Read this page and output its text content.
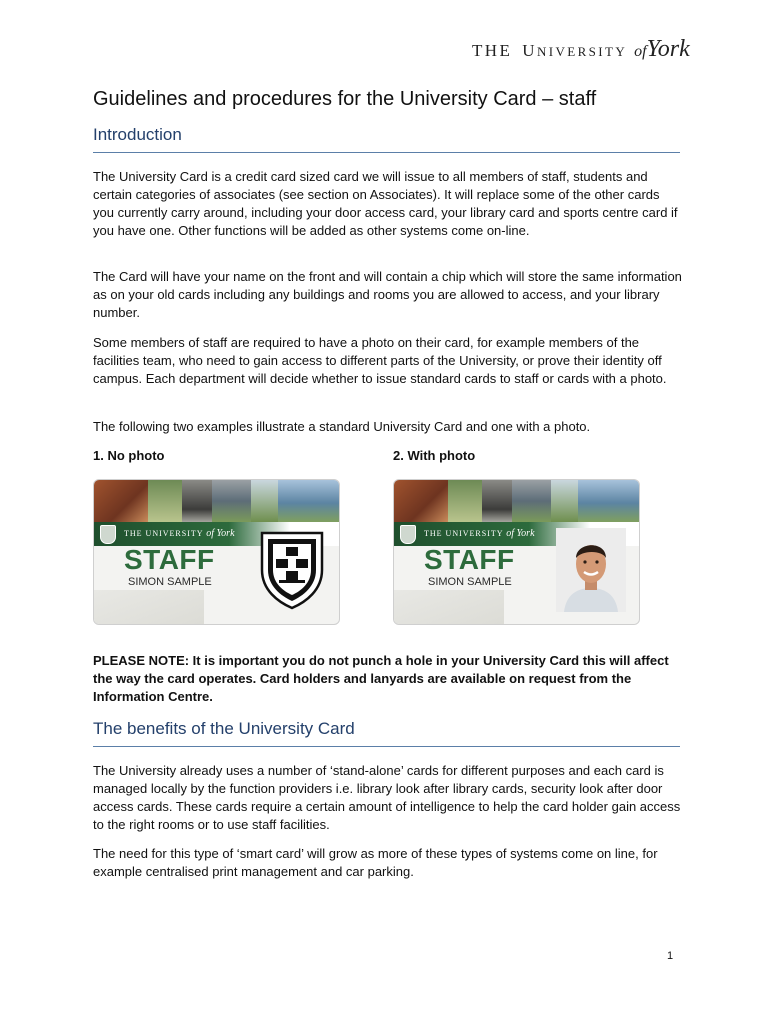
THE UNIVERSITY ofYork
Guidelines and procedures for the University Card – staff
Introduction

The University Card is a credit card sized card we will issue to all members of staff, students and certain categories of associates (see section on Associates). It will replace some of the other cards you currently carry around, including your door access card, your library card and sports centre card if you have one. Other functions will be added as other systems come on-line.

The Card will have your name on the front and will contain a chip which will store the same information as on your old cards including any buildings and rooms you are allowed to access, and your library number.

Some members of staff are required to have a photo on their card, for example members of the facilities team, who need to gain access to different parts of the University, or prove their identity off campus. Each department will decide whether to issue standard cards to staff or cards with a photo.

The following two examples illustrate a standard University Card and one with a photo.

1. No photo	2. With photo

THE UNIVERSITY of York
STAFF
SIMON SAMPLE
THE UNIVERSITY of York
STAFF
SIMON SAMPLE

PLEASE NOTE: It is important you do not punch a hole in your University Card this will affect the way the card operates. Card holders and lanyards are available on request from the Information Centre.

The benefits of the University Card

The University already uses a number of ‘stand-alone’ cards for different purposes and each card is managed locally by the function providers i.e. library look after library cards, security look after door access cards. These cards require a certain amount of intelligence to help the card holder gain access to the right rooms or to use staff facilities.

The need for this type of ‘smart card’ will grow as more of these types of systems come on line, for example centralised print management and car parking.

1
